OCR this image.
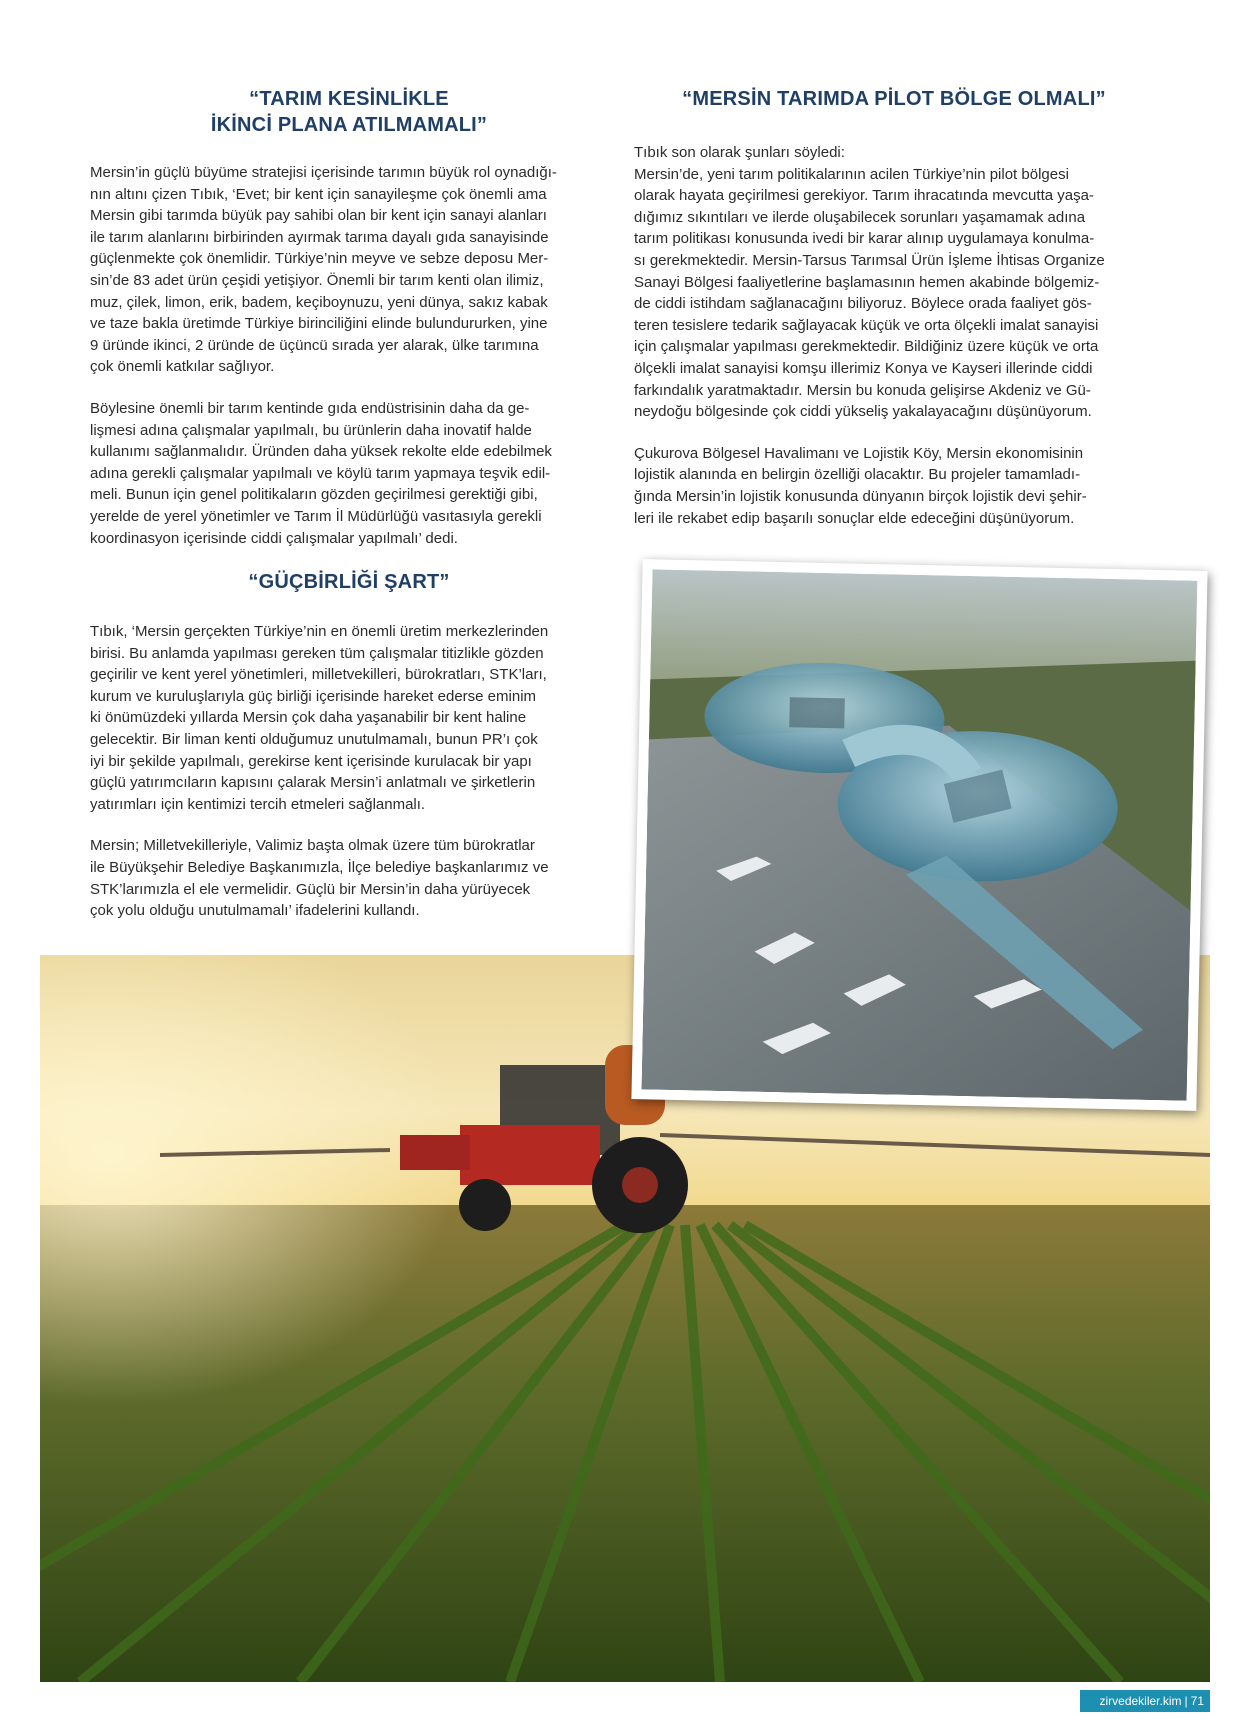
“TARIM KESİNLİKLE
İKİNCİ PLANA ATILMAMALI”

Mersin’in güçlü büyüme stratejisi içerisinde tarımın büyük rol oynadığı-
nın altını çizen Tıbık, ‘Evet; bir kent için sanayileşme çok önemli ama
Mersin gibi tarımda büyük pay sahibi olan bir kent için sanayi alanları
ile tarım alanlarını birbirinden ayırmak tarıma dayalı gıda sanayisinde
güçlenmekte çok önemlidir. Türkiye’nin meyve ve sebze deposu Mer-
sin’de 83 adet ürün çeşidi yetişiyor. Önemli bir tarım kenti olan ilimiz,
muz, çilek, limon, erik, badem, keçiboynuzu, yeni dünya, sakız kabak
ve taze bakla üretimde Türkiye birinciliğini elinde bulundururken, yine
9 üründe ikinci, 2 üründe de üçüncü sırada yer alarak, ülke tarımına
çok önemli katkılar sağlıyor.

Böylesine önemli bir tarım kentinde gıda endüstrisinin daha da ge-
lişmesi adına çalışmalar yapılmalı, bu ürünlerin daha inovatif halde
kullanımı sağlanmalıdır. Üründen daha yüksek rekolte elde edebilmek
adına gerekli çalışmalar yapılmalı ve köylü tarım yapmaya teşvik edil-
meli. Bunun için genel politikaların gözden geçirilmesi gerektiği gibi,
yerelde de yerel yönetimler ve Tarım İl Müdürlüğü vasıtasıyla gerekli
koordinasyon içerisinde ciddi çalışmalar yapılmalı’ dedi.

“GÜÇBİRLİĞİ ŞART”

Tıbık, ‘Mersin gerçekten Türkiye’nin en önemli üretim merkezlerinden
birisi. Bu anlamda yapılması gereken tüm çalışmalar titizlikle gözden
geçirilir ve kent yerel yönetimleri, milletvekilleri, bürokratları, STK’ları,
kurum ve kuruluşlarıyla güç birliği içerisinde hareket ederse eminim
ki önümüzdeki yıllarda Mersin çok daha yaşanabilir bir kent haline
gelecektir. Bir liman kenti olduğumuz unutulmamalı, bunun PR’ı çok
iyi bir şekilde yapılmalı, gerekirse kent içerisinde kurulacak bir yapı
güçlü yatırımcıların kapısını çalarak Mersin’i anlatmalı ve şirketlerin
yatırımları için kentimizi tercih etmeleri sağlanmalı.

Mersin; Milletvekilleriyle, Valimiz başta olmak üzere tüm bürokratlar
ile Büyükşehir Belediye Başkanımızla, İlçe belediye başkanlarımız ve
STK’larımızla el ele vermelidir. Güçlü bir Mersin’in daha yürüyecek
çok yolu olduğu unutulmamalı’ ifadelerini kullandı.

“MERSİN TARIMDA PİLOT BÖLGE OLMALI”

Tıbık son olarak şunları söyledi:
Mersin’de, yeni tarım politikalarının acilen Türkiye’nin pilot bölgesi
olarak hayata geçirilmesi gerekiyor. Tarım ihracatında mevcutta yaşa-
dığımız sıkıntıları ve ilerde oluşabilecek sorunları yaşamamak adına
tarım politikası konusunda ivedi bir karar alınıp uygulamaya konulma-
sı gerekmektedir. Mersin-Tarsus Tarımsal Ürün İşleme İhtisas Organize
Sanayi Bölgesi faaliyetlerine başlamasının hemen akabinde bölgemiz-
de ciddi istihdam sağlanacağını biliyoruz. Böylece orada faaliyet gös-
teren tesislere tedarik sağlayacak küçük ve orta ölçekli imalat sanayisi
için çalışmalar yapılması gerekmektedir. Bildiğiniz üzere küçük ve orta
ölçekli imalat sanayisi komşu illerimiz Konya ve Kayseri illerinde ciddi
farkındalık yaratmaktadır. Mersin bu konuda gelişirse Akdeniz ve Gü-
neydoğu bölgesinde çok ciddi yükseliş yakalayacağını düşünüyorum.

Çukurova Bölgesel Havalimanı ve Lojistik Köy, Mersin ekonomisinin
lojistik alanında en belirgin özelliği olacaktır. Bu projeler tamamladı-
ğında Mersin’in lojistik konusunda dünyanın birçok lojistik devi şehir-
leri ile rekabet edip başarılı sonuçlar elde edeceğini düşünüyorum.

zirvedekiler.kim | 71
